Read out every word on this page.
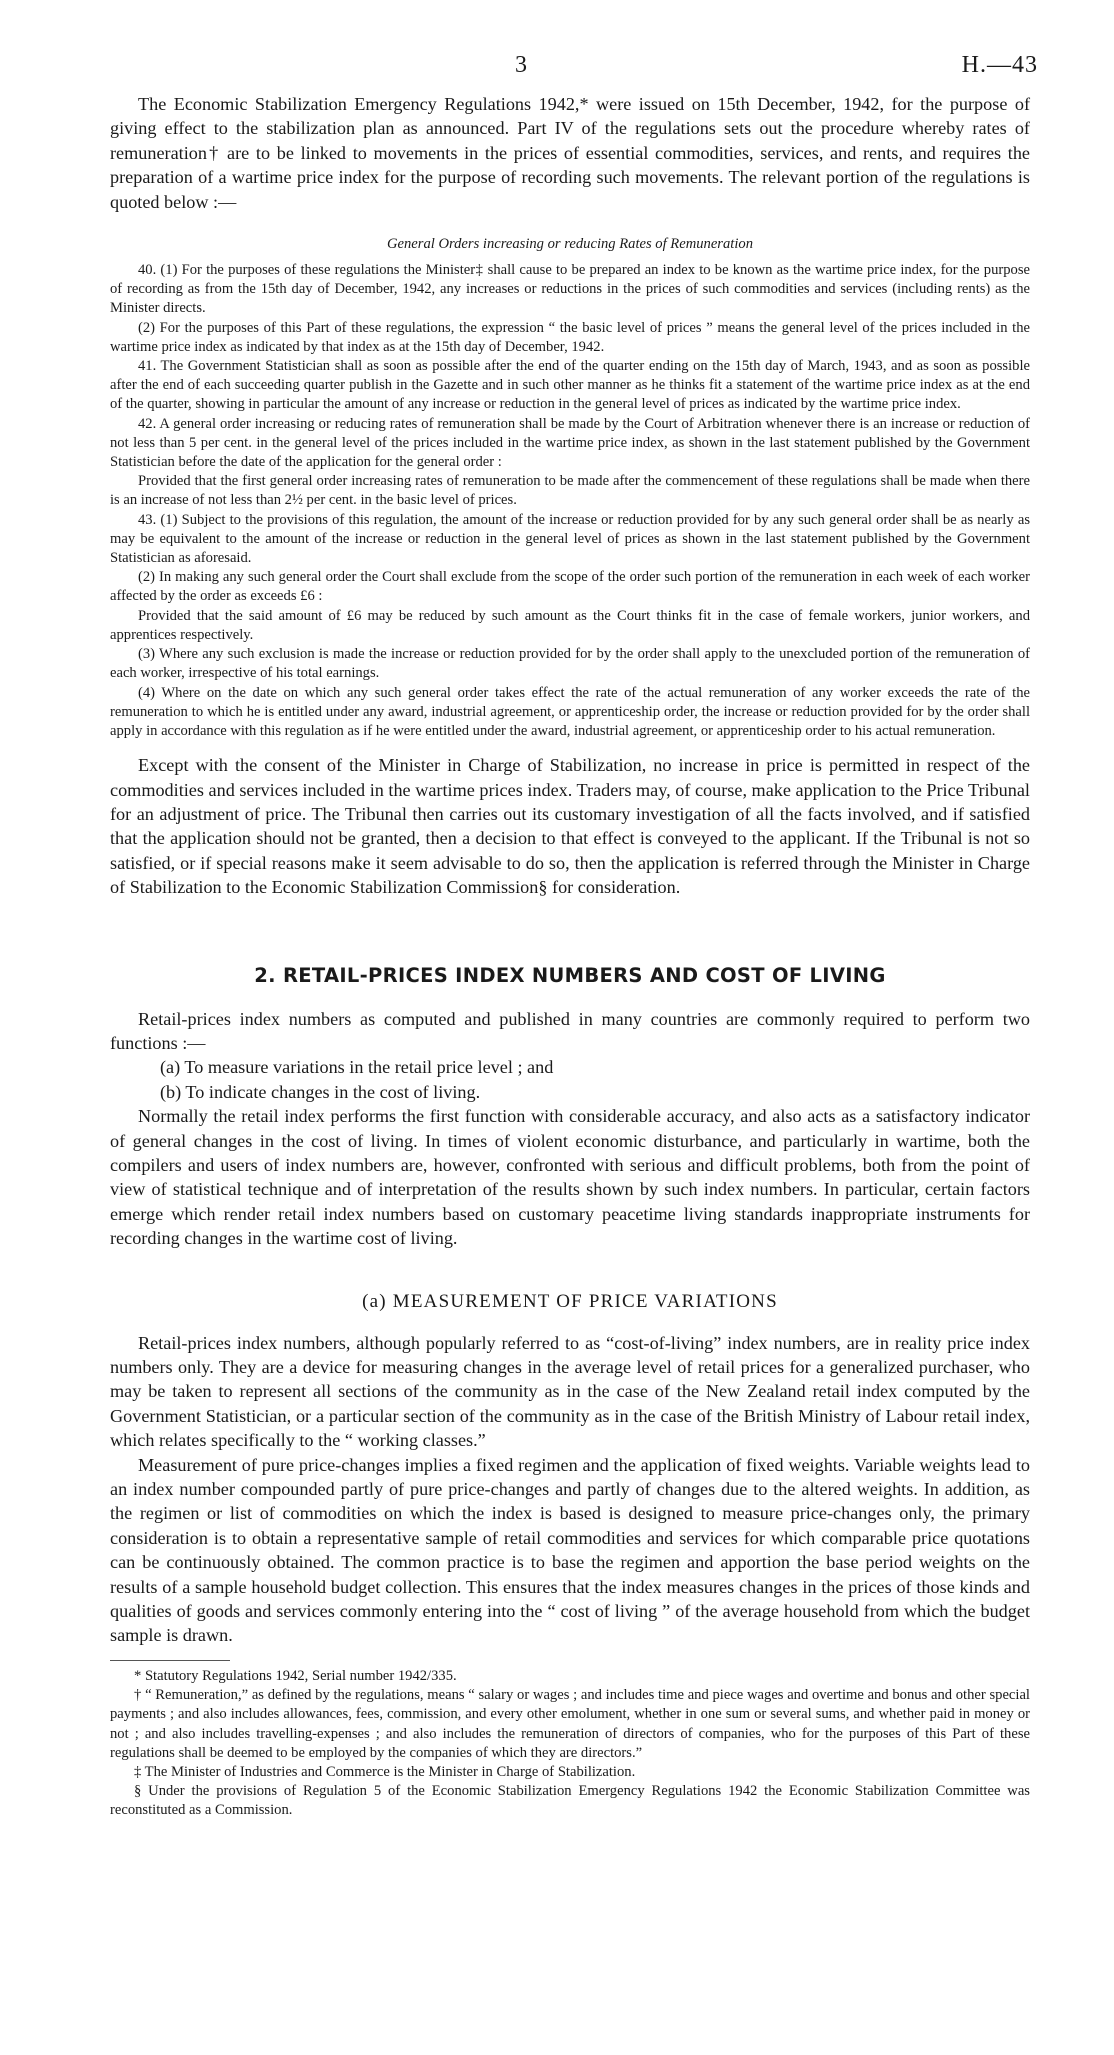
3	H.—43

The Economic Stabilization Emergency Regulations 1942,* were issued on 15th December, 1942, for the purpose of giving effect to the stabilization plan as announced. Part IV of the regulations sets out the procedure whereby rates of remuneration† are to be linked to movements in the prices of essential commodities, services, and rents, and requires the preparation of a wartime price index for the purpose of recording such movements. The relevant portion of the regulations is quoted below :—

General Orders increasing or reducing Rates of Remuneration

40. (1) For the purposes of these regulations the Minister‡ shall cause to be prepared an index to be known as the wartime price index, for the purpose of recording as from the 15th day of December, 1942, any increases or reductions in the prices of such commodities and services (including rents) as the Minister directs.

(2) For the purposes of this Part of these regulations, the expression “ the basic level of prices ” means the general level of the prices included in the wartime price index as indicated by that index as at the 15th day of December, 1942.

41. The Government Statistician shall as soon as possible after the end of the quarter ending on the 15th day of March, 1943, and as soon as possible after the end of each succeeding quarter publish in the Gazette and in such other manner as he thinks fit a statement of the wartime price index as at the end of the quarter, showing in particular the amount of any increase or reduction in the general level of prices as indicated by the wartime price index.

42. A general order increasing or reducing rates of remuneration shall be made by the Court of Arbitration whenever there is an increase or reduction of not less than 5 per cent. in the general level of the prices included in the wartime price index, as shown in the last statement published by the Government Statistician before the date of the application for the general order :

Provided that the first general order increasing rates of remuneration to be made after the commencement of these regulations shall be made when there is an increase of not less than 2½ per cent. in the basic level of prices.

43. (1) Subject to the provisions of this regulation, the amount of the increase or reduction provided for by any such general order shall be as nearly as may be equivalent to the amount of the increase or reduction in the general level of prices as shown in the last statement published by the Government Statistician as aforesaid.

(2) In making any such general order the Court shall exclude from the scope of the order such portion of the remuneration in each week of each worker affected by the order as exceeds £6 :

Provided that the said amount of £6 may be reduced by such amount as the Court thinks fit in the case of female workers, junior workers, and apprentices respectively.

(3) Where any such exclusion is made the increase or reduction provided for by the order shall apply to the unexcluded portion of the remuneration of each worker, irrespective of his total earnings.

(4) Where on the date on which any such general order takes effect the rate of the actual remuneration of any worker exceeds the rate of the remuneration to which he is entitled under any award, industrial agreement, or apprenticeship order, the increase or reduction provided for by the order shall apply in accordance with this regulation as if he were entitled under the award, industrial agreement, or apprenticeship order to his actual remuneration.

Except with the consent of the Minister in Charge of Stabilization, no increase in price is permitted in respect of the commodities and services included in the wartime prices index. Traders may, of course, make application to the Price Tribunal for an adjustment of price. The Tribunal then carries out its customary investigation of all the facts involved, and if satisfied that the application should not be granted, then a decision to that effect is conveyed to the applicant. If the Tribunal is not so satisfied, or if special reasons make it seem advisable to do so, then the application is referred through the Minister in Charge of Stabilization to the Economic Stabilization Commission§ for consideration.

2. RETAIL-PRICES INDEX NUMBERS AND COST OF LIVING

Retail-prices index numbers as computed and published in many countries are commonly required to perform two functions :—

(a) To measure variations in the retail price level ; and

(b) To indicate changes in the cost of living.

Normally the retail index performs the first function with considerable accuracy, and also acts as a satisfactory indicator of general changes in the cost of living. In times of violent economic disturbance, and particularly in wartime, both the compilers and users of index numbers are, however, confronted with serious and difficult problems, both from the point of view of statistical technique and of interpretation of the results shown by such index numbers. In particular, certain factors emerge which render retail index numbers based on customary peacetime living standards inappropriate instruments for recording changes in the wartime cost of living.

(a) MEASUREMENT OF PRICE VARIATIONS

Retail-prices index numbers, although popularly referred to as “cost-of-living” index numbers, are in reality price index numbers only. They are a device for measuring changes in the average level of retail prices for a generalized purchaser, who may be taken to represent all sections of the community as in the case of the New Zealand retail index computed by the Government Statistician, or a particular section of the community as in the case of the British Ministry of Labour retail index, which relates specifically to the “ working classes.”

Measurement of pure price-changes implies a fixed regimen and the application of fixed weights. Variable weights lead to an index number compounded partly of pure price-changes and partly of changes due to the altered weights. In addition, as the regimen or list of commodities on which the index is based is designed to measure price-changes only, the primary consideration is to obtain a representative sample of retail commodities and services for which comparable price quotations can be continuously obtained. The common practice is to base the regimen and apportion the base period weights on the results of a sample household budget collection. This ensures that the index measures changes in the prices of those kinds and qualities of goods and services commonly entering into the “ cost of living ” of the average household from which the budget sample is drawn.

* Statutory Regulations 1942, Serial number 1942/335.

† “ Remuneration,” as defined by the regulations, means “ salary or wages ; and includes time and piece wages and overtime and bonus and other special payments ; and also includes allowances, fees, commission, and every other emolument, whether in one sum or several sums, and whether paid in money or not ; and also includes travelling-expenses ; and also includes the remuneration of directors of companies, who for the purposes of this Part of these regulations shall be deemed to be employed by the companies of which they are directors.”

‡ The Minister of Industries and Commerce is the Minister in Charge of Stabilization.

§ Under the provisions of Regulation 5 of the Economic Stabilization Emergency Regulations 1942 the Economic Stabilization Committee was reconstituted as a Commission.
